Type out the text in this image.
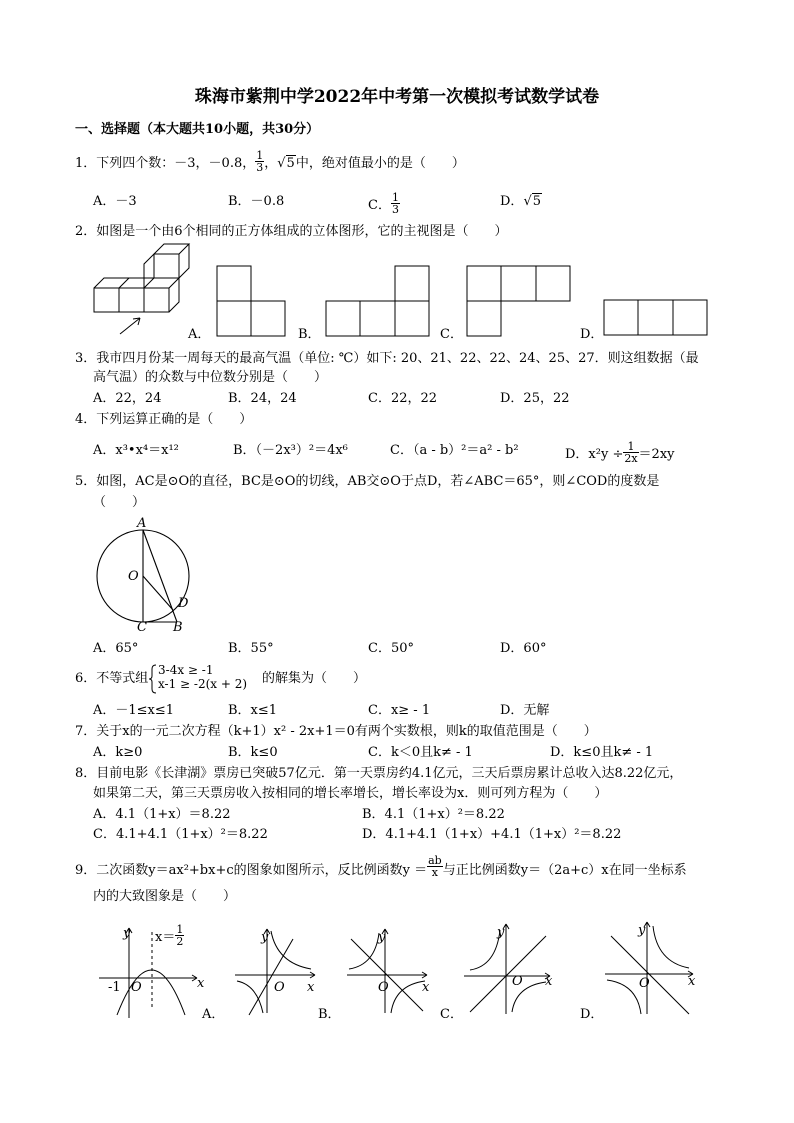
珠海市紫荆中学2022年中考第一次模拟考试数学试卷
一、选择题（本大题共10小题，共30分）
1．下列四个数：－3，－0.8， $\frac{1}{3}$ ，√5中，绝对值最小的是（　　）
A．－3	B．－0.8	C． $\frac{1}{3}$	D．√5
2．如图是一个由6个相同的正方体组成的立体图形，它的主视图是（　　）
A．	B．	C．	D．
3．我市四月份某一周每天的最高气温（单位: ℃）如下: 20、21、22、22、24、25、27．则这组数据（最
高气温）的众数与中位数分别是（　　）
A．22，24	B．24，24	C．22，22	D．25，22
4．下列运算正确的是（　　）
A．x³•x⁴＝x¹²	B．（－2x³）²＝4x⁶	C．（a - b）²＝a² - b²	D．$x^2y \div \frac{1}{2x} =2xy$
5．如图，AC是⊙O的直径，BC是⊙O的切线，AB交⊙O于点D，若∠ABC＝65°，则∠COD的度数是
（　　）
A
O
D
C B
A．65°	B．55°	C．50°	D．60°
6．不等式组
3-4x ≥ -1
x-1 ≥ -2(x + 2) 的解集为（　　）
A．－1≤x≤1	B．x≤1	C．x≥ - 1	D．无解
7．关于x的一元二次方程（k+1）x² - 2x+1＝0有两个实数根，则k的取值范围是（　　）
A．k≥0	B．k≤0	C．k＜0且k≠ - 1	D．k≤0且k≠ - 1
8．目前电影《长津湖》票房已突破57亿元．第一天票房约4.1亿元，三天后票房累计总收入达8.22亿元，
如果第二天，第三天票房收入按相同的增长率增长，增长率设为x．则可列方程为（　　）
A．4.1（1+x）＝8.22	B．4.1（1+x）²＝8.22
C．4.1+4.1（1+x）²＝8.22	D．4.1+4.1（1+x）+4.1（1+x）²＝8.22
9．二次函数y＝ax²+bx+c的图象如图所示，反比例函数$y = \frac{ab}{x}$ 与正比例函数y＝（2a+c）x在同一坐标系
内的大致图象是（　　）
y
x
O
-1
$x= \frac{1}{2}$
A．
y
x
O
B．
y
x
O
C．
y
x
O
D．
y
x
O
